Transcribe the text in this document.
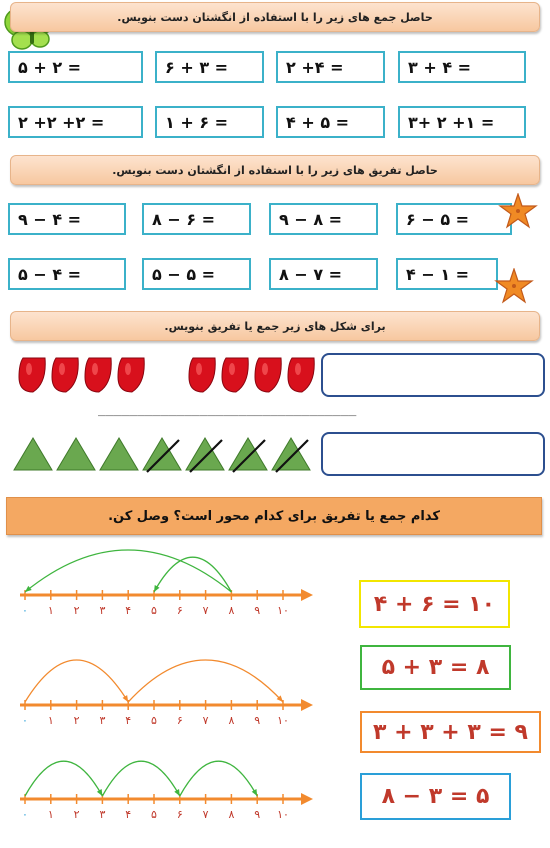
حاصل جمع های زیر را با استفاده از انگشتان دست بنویس.
۵ + ۲ =	۶ + ۳ =	۲ +۴ =	۳ + ۴ =
۲ +۲ +۲ =	۱ + ۶ =	۴ + ۵ =	۳+ ۲ +۱ =
حاصل تفریق های زیر را با استفاده از انگشتان دست بنویس.
۹ − ۴ =	۸ − ۶ =	۹ − ۸ =	۶ − ۵ =
۵ − ۴ =	۵ − ۵ =	۸ − ۷ =	۴ − ۱ =
برای شکل های زیر جمع یا تفریق بنویس.
_________________________________
کدام جمع یا تفریق برای کدام محور است؟ وصل کن.
۰ ۱ ۲ ۳ ۴ ۵ ۶ ۷ ۸ ۹ ۱۰
۰ ۱ ۲ ۳ ۴ ۵ ۶ ۷ ۸ ۹ ۱۰
۰ ۱ ۲ ۳ ۴ ۵ ۶ ۷ ۸ ۹ ۱۰
۴ + ۶ = ۱۰
۵ + ۳ = ۸
۳ + ۳ + ۳ = ۹
۸ − ۳ = ۵
